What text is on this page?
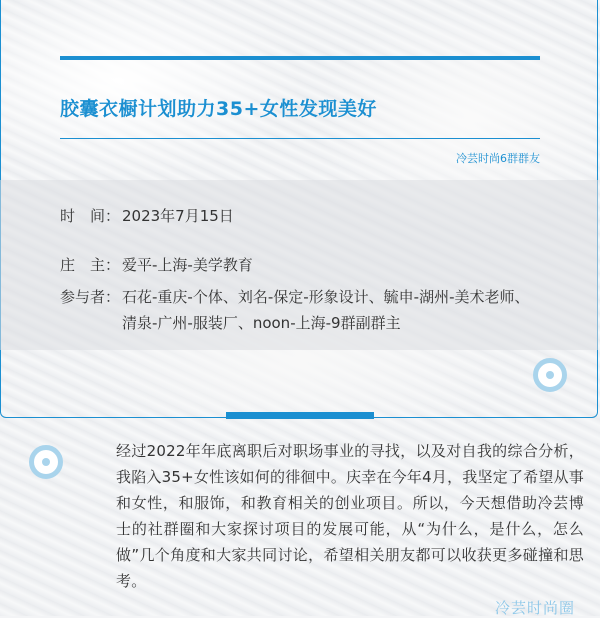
胶囊衣橱计划助力35+女性发现美好
冷芸时尚6群群友
时　间： 2023年7月15日
庄　主： 爱平-上海-美学教育
参与者： 石花-重庆-个体、刘名-保定-形象设计、毓申-湖州-美术老师、清泉-广州-服装厂、noon-上海-9群副群主
经过2022年年底离职后对职场事业的寻找，以及对自我的综合分析，我陷入35+女性该如何的徘徊中。庆幸在今年4月，我坚定了希望从事和女性，和服饰，和教育相关的创业项目。所以，今天想借助冷芸博士的社群圈和大家探讨项目的发展可能，从“为什么，是什么，怎么做”几个角度和大家共同讨论，希望相关朋友都可以收获更多碰撞和思考。
冷芸时尚圈
